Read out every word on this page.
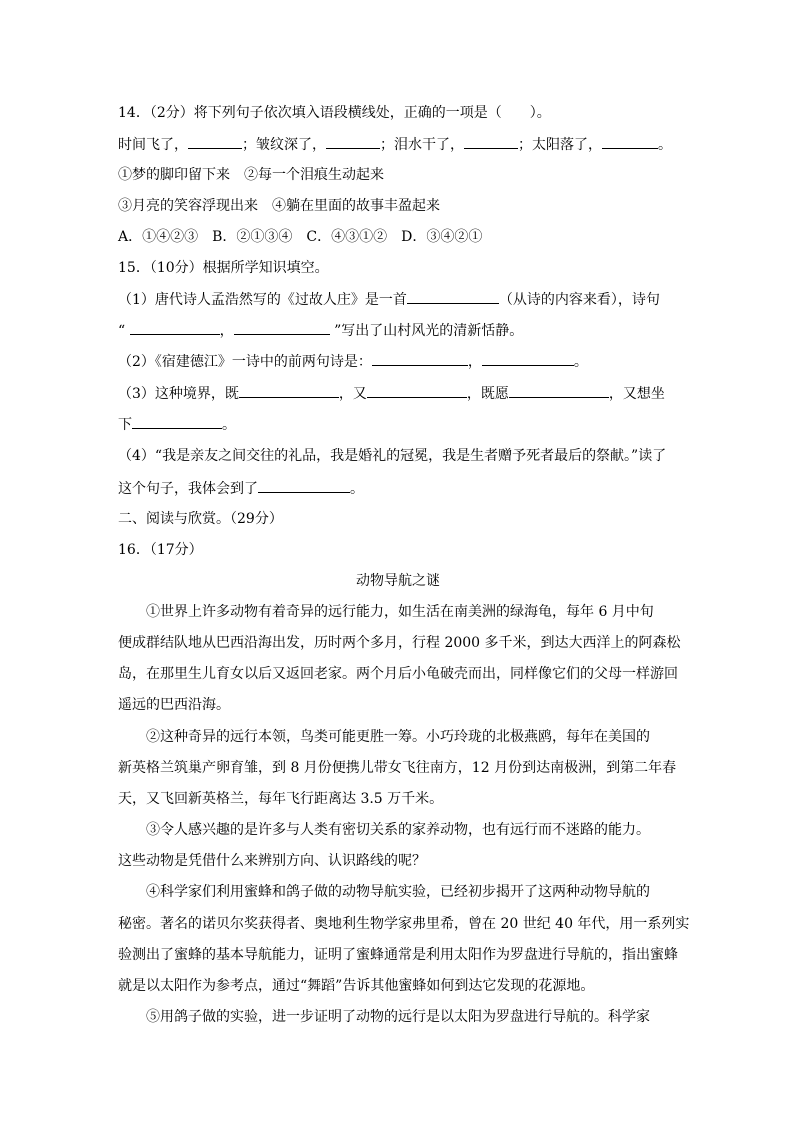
14．（2分）将下列句子依次填入语段横线处，正确的一项是（　　）。
时间飞了，	；皱纹深了，	；泪水干了，	；太阳落了，	。
①梦的脚印留下来　②每一个泪痕生动起来
③月亮的笑容浮现出来　④躺在里面的故事丰盈起来
A．①④②③　B．②①③④　C．④③①②　D．③④②①
15．（10分）根据所学知识填空。
（1）唐代诗人孟浩然写的《过故人庄》是一首	（从诗的内容来看），诗句
“	，	”写出了山村风光的清新恬静。
（2）《宿建德江》一诗中的前两句诗是：	，	。
（3）这种境界，既	，又	，既愿	，又想坐
下	。
（4）“我是亲友之间交往的礼品，我是婚礼的冠冕，我是生者赠予死者最后的祭献。”读了
这个句子，我体会到了	。
二、阅读与欣赏。（29分）
16．（17分）
动物导航之谜
①世界上许多动物有着奇异的远行能力，如生活在南美洲的绿海龟，每年 6 月中旬
便成群结队地从巴西沿海出发，历时两个多月，行程 2000 多千米，到达大西洋上的阿森松
岛，在那里生儿育女以后又返回老家。两个月后小龟破壳而出，同样像它们的父母一样游回
遥远的巴西沿海。
②这种奇异的远行本领，鸟类可能更胜一筹。小巧玲珑的北极燕鸥，每年在美国的
新英格兰筑巢产卵育雏，到 8 月份便携儿带女飞往南方，12 月份到达南极洲，到第二年春
天，又飞回新英格兰，每年飞行距离达 3.5 万千米。
③令人感兴趣的是许多与人类有密切关系的家养动物，也有远行而不迷路的能力。
这些动物是凭借什么来辨别方向、认识路线的呢？
④科学家们利用蜜蜂和鸽子做的动物导航实验，已经初步揭开了这两种动物导航的
秘密。著名的诺贝尔奖获得者、奥地利生物学家弗里希，曾在 20 世纪 40 年代，用一系列实
验测出了蜜蜂的基本导航能力，证明了蜜蜂通常是利用太阳作为罗盘进行导航的，指出蜜蜂
就是以太阳作为参考点，通过“舞蹈”告诉其他蜜蜂如何到达它发现的花源地。
⑤用鸽子做的实验，进一步证明了动物的远行是以太阳为罗盘进行导航的。科学家
